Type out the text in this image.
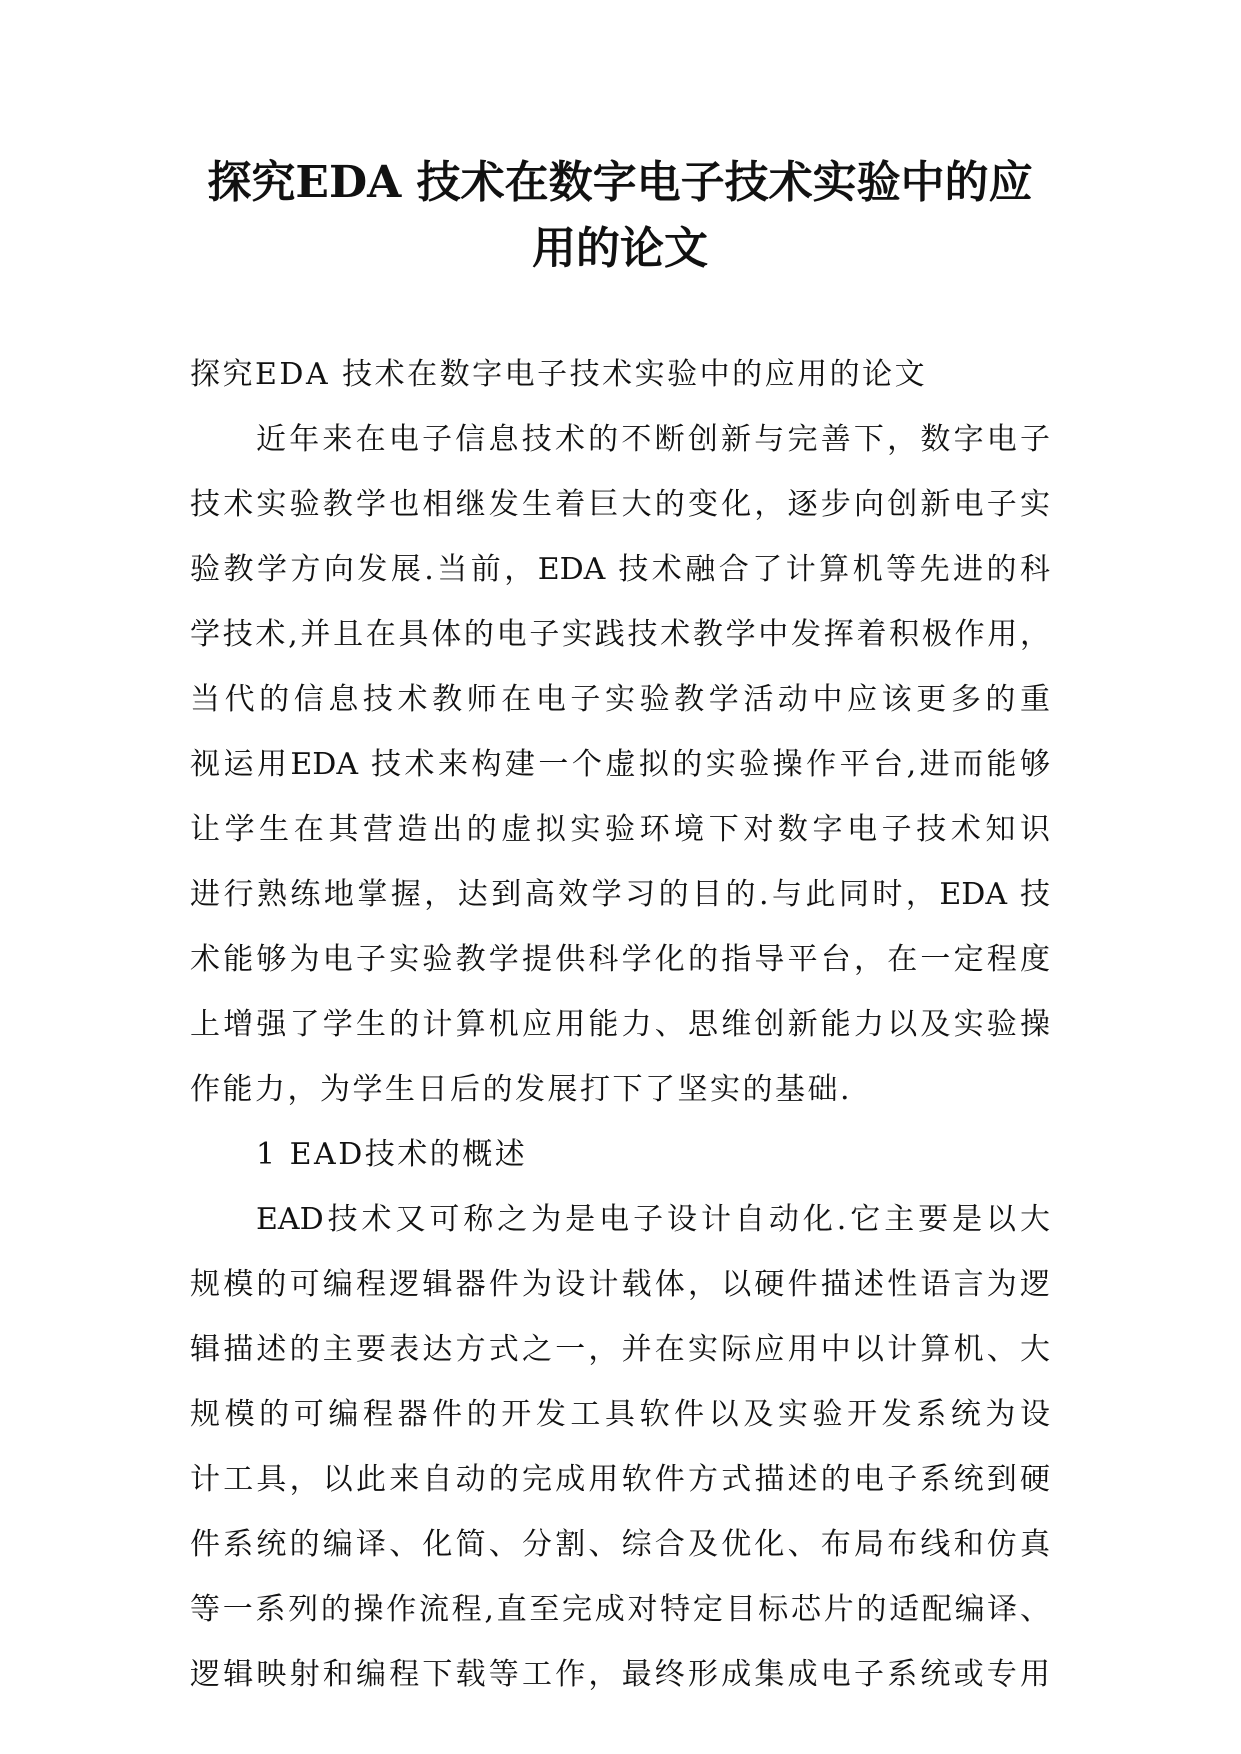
探究EDA 技术在数字电子技术实验中的应
用的论文
探究EDA 技术在数字电子技术实验中的应用的论文
近年来在电子信息技术的不断创新与完善下，数字电子
技术实验教学也相继发生着巨大的变化，逐步向创新电子实
验教学方向发展.当前，EDA 技术融合了计算机等先进的科
学技术,并且在具体的电子实践技术教学中发挥着积极作用，
当代的信息技术教师在电子实验教学活动中应该更多的重
视运用EDA 技术来构建一个虚拟的实验操作平台,进而能够
让学生在其营造出的虚拟实验环境下对数字电子技术知识
进行熟练地掌握，达到高效学习的目的.与此同时，EDA 技
术能够为电子实验教学提供科学化的指导平台，在一定程度
上增强了学生的计算机应用能力、思维创新能力以及实验操
作能力，为学生日后的发展打下了坚实的基础.
1 EAD技术的概述
EAD技术又可称之为是电子设计自动化.它主要是以大
规模的可编程逻辑器件为设计载体，以硬件描述性语言为逻
辑描述的主要表达方式之一，并在实际应用中以计算机、大
规模的可编程器件的开发工具软件以及实验开发系统为设
计工具，以此来自动的完成用软件方式描述的电子系统到硬
件系统的编译、化简、分割、综合及优化、布局布线和仿真
等一系列的操作流程,直至完成对特定目标芯片的适配编译、
逻辑映射和编程下载等工作，最终形成集成电子系统或专用
